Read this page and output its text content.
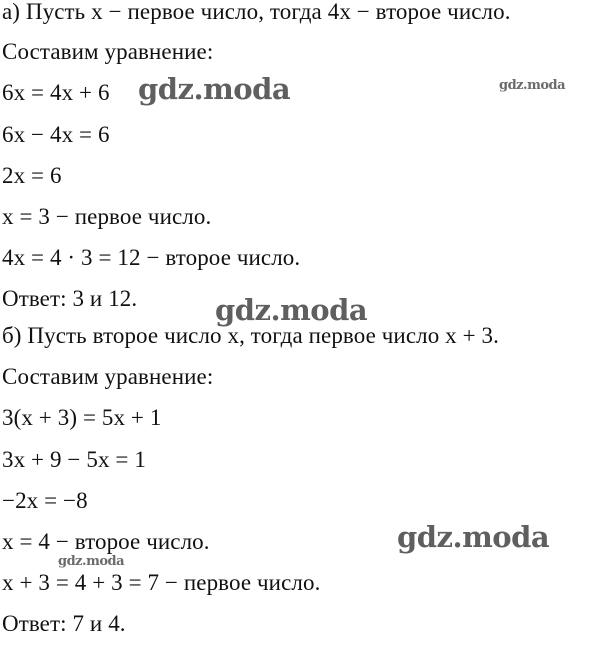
а) Пусть x − первое число, тогда 4x − второе число.
Составим уравнение:
6x = 4x + 6
6x − 4x = 6
2x = 6
x = 3 − первое число.
4x = 4 · 3 = 12 − второе число.
Ответ: 3 и 12.
б) Пусть второе число x, тогда первое число x + 3.
Составим уравнение:
3(x + 3) = 5x + 1
3x + 9 − 5x = 1
−2x = −8
x = 4 − второе число.
x + 3 = 4 + 3 = 7 − первое число.
Ответ: 7 и 4.
gdz.moda	gdz.moda
gdz.moda
gdz.moda
gdz.moda
